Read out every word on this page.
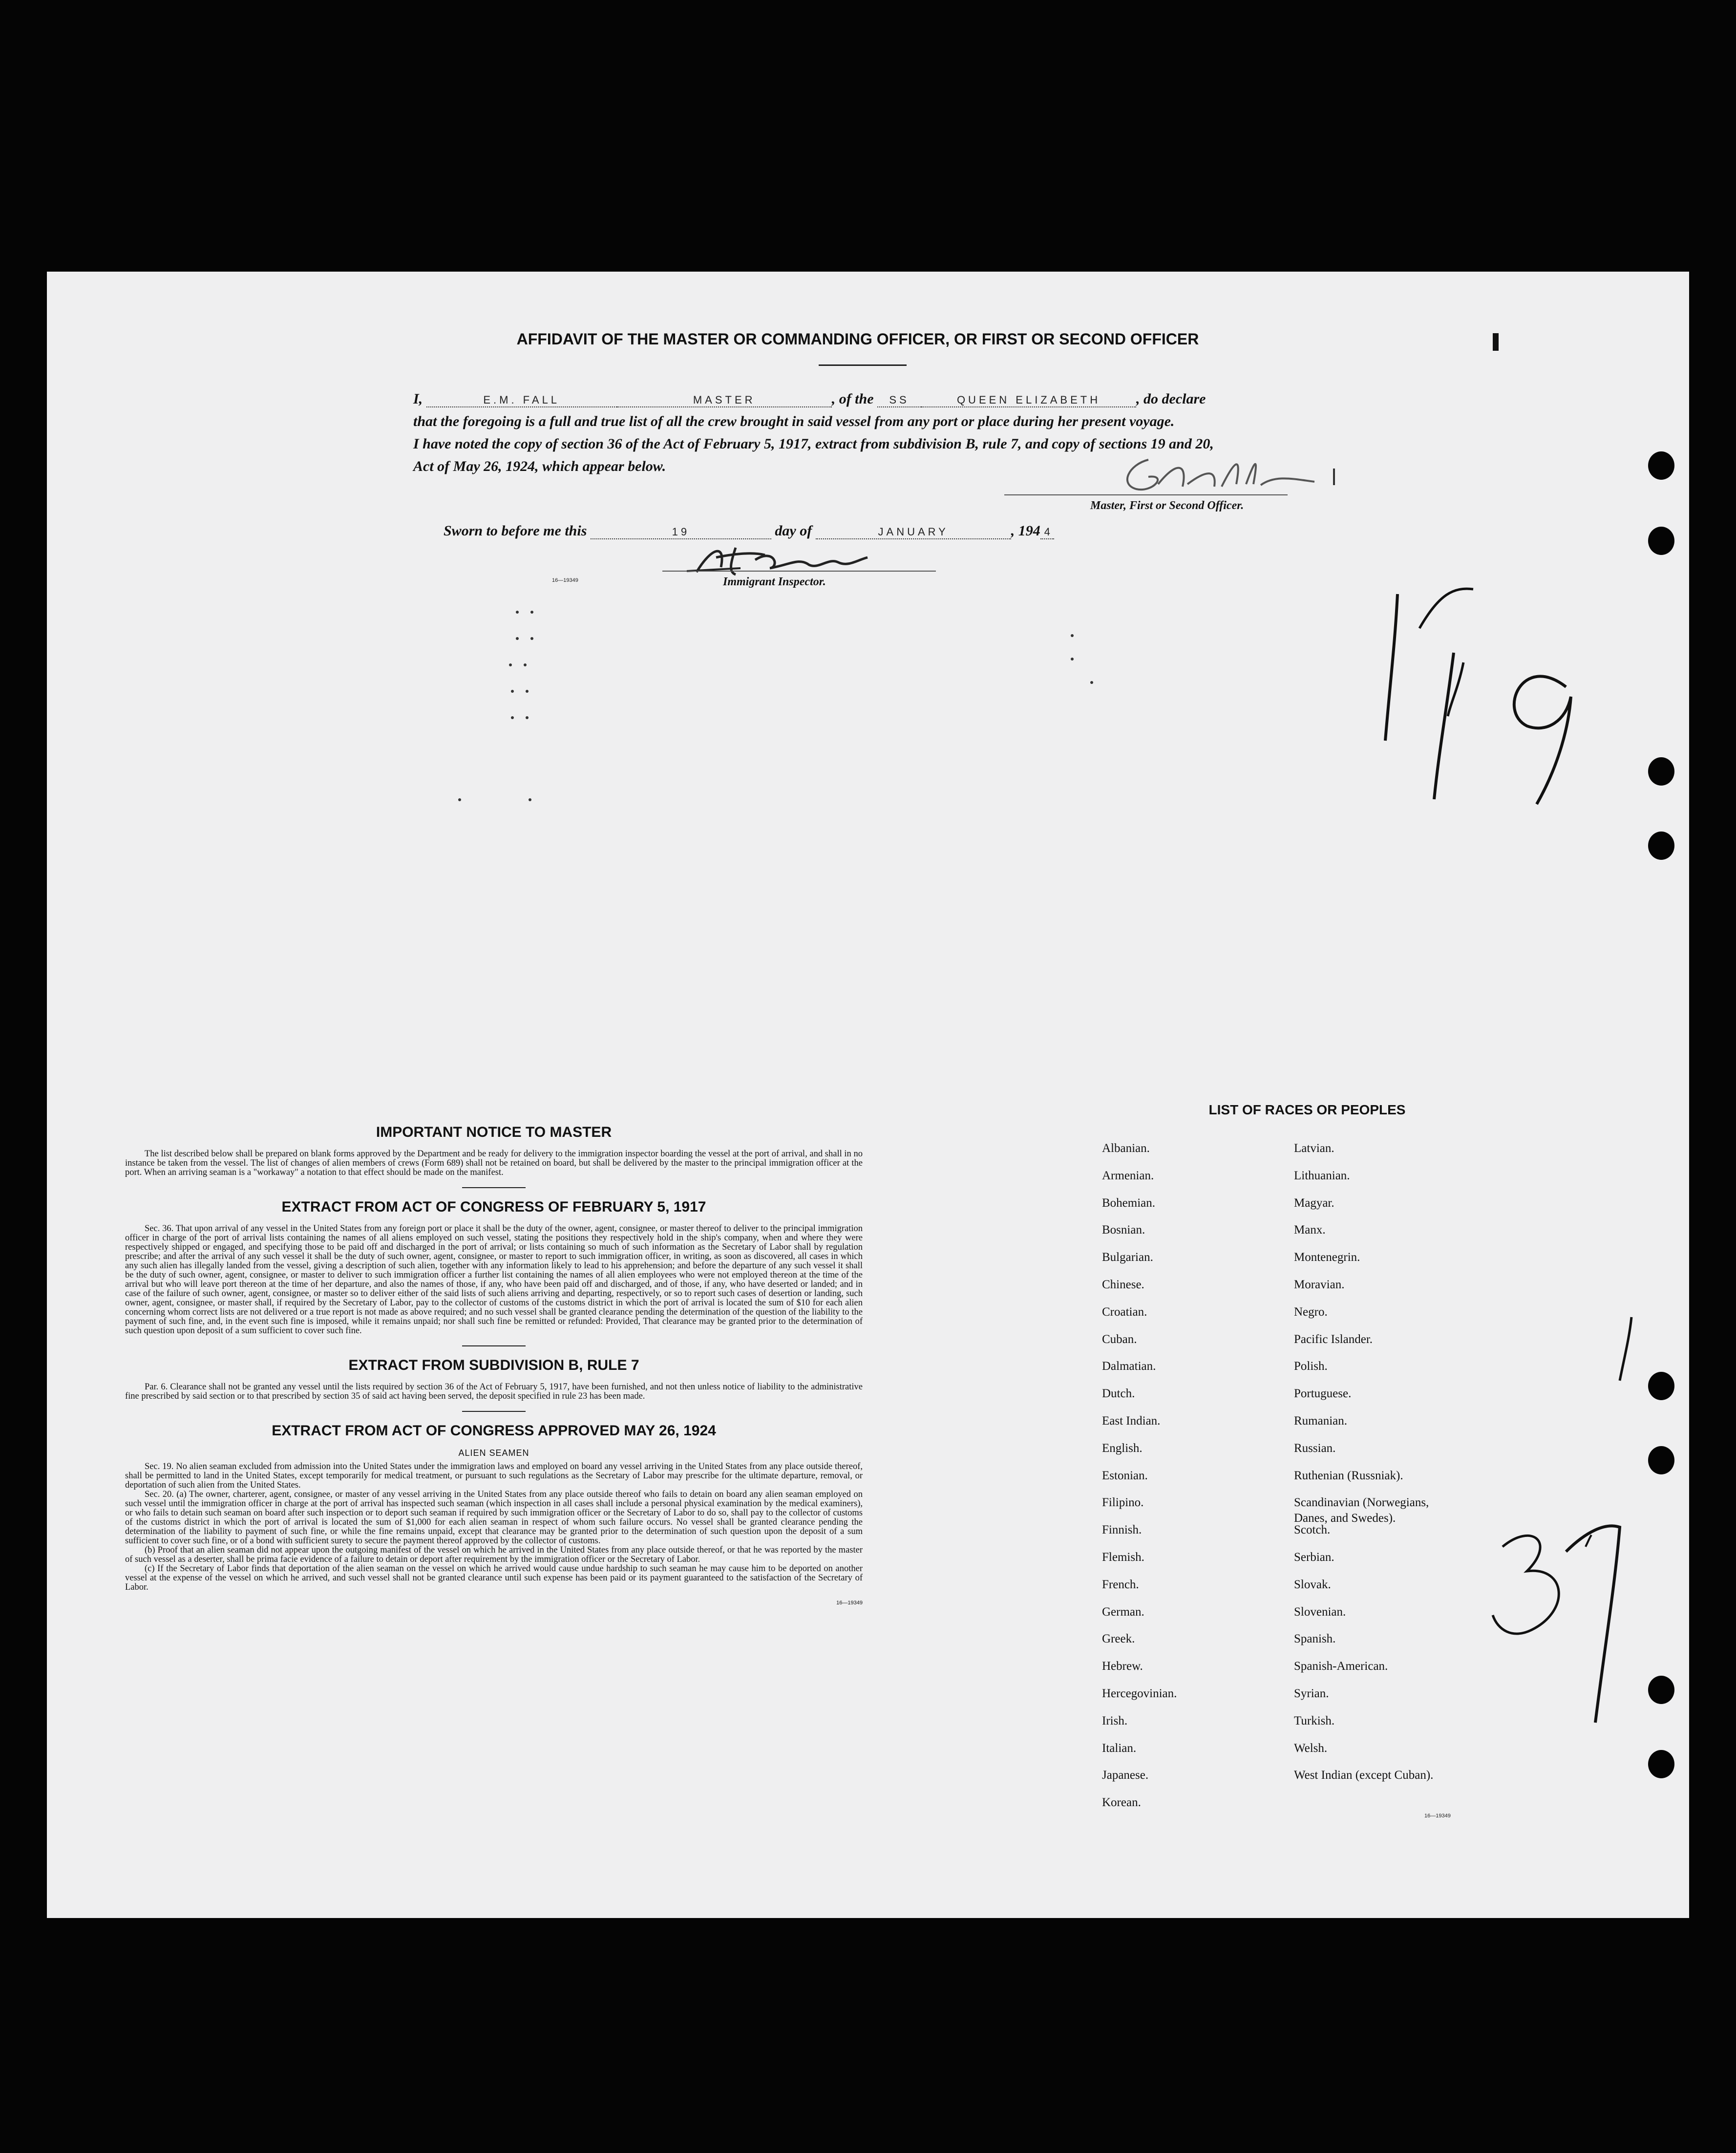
AFFIDAVIT OF THE MASTER OR COMMANDING OFFICER, OR FIRST OR SECOND OFFICER
I,	E.M. FALL	MASTER	, of the SS	QUEEN ELIZABETH , do declare
that the foregoing is a full and true list of all the crew brought in said vessel from any port or place during her present voyage.
I have noted the copy of section 36 of the Act of February 5, 1917, extract from subdivision B, rule 7, and copy of sections 19 and 20,
Act of May 26, 1924, which appear below.
Master, First or Second Officer.
Sworn to before me this	19	day of	JANUARY	, 194 4
Immigrant Inspector.
16—19349
IMPORTANT NOTICE TO MASTER

The list described below shall be prepared on blank forms approved by the Department and be ready for delivery to the immigration inspector boarding the vessel at the port of arrival, and shall in no instance be taken from the vessel. The list of changes of alien members of crews (Form 689) shall not be retained on board, but shall be delivered by the master to the principal immigration officer at the port. When an arriving seaman is a "workaway" a notation to that effect should be made on the manifest.

EXTRACT FROM ACT OF CONGRESS OF FEBRUARY 5, 1917

Sec. 36. That upon arrival of any vessel in the United States from any foreign port or place it shall be the duty of the owner, agent, consignee, or master thereof to deliver to the principal immigration officer in charge of the port of arrival lists containing the names of all aliens employed on such vessel, stating the positions they respectively hold in the ship's company, when and where they were respectively shipped or engaged, and specifying those to be paid off and discharged in the port of arrival; or lists containing so much of such information as the Secretary of Labor shall by regulation prescribe; and after the arrival of any such vessel it shall be the duty of such owner, agent, consignee, or master to report to such immigration officer, in writing, as soon as discovered, all cases in which any such alien has illegally landed from the vessel, giving a description of such alien, together with any information likely to lead to his apprehension; and before the departure of any such vessel it shall be the duty of such owner, agent, consignee, or master to deliver to such immigration officer a further list containing the names of all alien employees who were not employed thereon at the time of the arrival but who will leave port thereon at the time of her departure, and also the names of those, if any, who have been paid off and discharged, and of those, if any, who have deserted or landed; and in case of the failure of such owner, agent, consignee, or master so to deliver either of the said lists of such aliens arriving and departing, respectively, or so to report such cases of desertion or landing, such owner, agent, consignee, or master shall, if required by the Secretary of Labor, pay to the collector of customs of the customs district in which the port of arrival is located the sum of $10 for each alien concerning whom correct lists are not delivered or a true report is not made as above required; and no such vessel shall be granted clearance pending the determination of the question of the liability to the payment of such fine, and, in the event such fine is imposed, while it remains unpaid; nor shall such fine be remitted or refunded: Provided, That clearance may be granted prior to the determination of such question upon deposit of a sum sufficient to cover such fine.

EXTRACT FROM SUBDIVISION B, RULE 7

Par. 6. Clearance shall not be granted any vessel until the lists required by section 36 of the Act of February 5, 1917, have been furnished, and not then unless notice of liability to the administrative fine prescribed by said section or to that prescribed by section 35 of said act having been served, the deposit specified in rule 23 has been made.

EXTRACT FROM ACT OF CONGRESS APPROVED MAY 26, 1924
ALIEN SEAMEN

Sec. 19. No alien seaman excluded from admission into the United States under the immigration laws and employed on board any vessel arriving in the United States from any place outside thereof, shall be permitted to land in the United States, except temporarily for medical treatment, or pursuant to such regulations as the Secretary of Labor may prescribe for the ultimate departure, removal, or deportation of such alien from the United States.

Sec. 20. (a) The owner, charterer, agent, consignee, or master of any vessel arriving in the United States from any place outside thereof who fails to detain on board any alien seaman employed on such vessel until the immigration officer in charge at the port of arrival has inspected such seaman (which inspection in all cases shall include a personal physical examination by the medical examiners), or who fails to detain such seaman on board after such inspection or to deport such seaman if required by such immigration officer or the Secretary of Labor to do so, shall pay to the collector of customs of the customs district in which the port of arrival is located the sum of $1,000 for each alien seaman in respect of whom such failure occurs. No vessel shall be granted clearance pending the determination of the liability to payment of such fine, or while the fine remains unpaid, except that clearance may be granted prior to the determination of such question upon the deposit of a sum sufficient to cover such fine, or of a bond with sufficient surety to secure the payment thereof approved by the collector of customs.

(b) Proof that an alien seaman did not appear upon the outgoing manifest of the vessel on which he arrived in the United States from any place outside thereof, or that he was reported by the master of such vessel as a deserter, shall be prima facie evidence of a failure to detain or deport after requirement by the immigration officer or the Secretary of Labor.

(c) If the Secretary of Labor finds that deportation of the alien seaman on the vessel on which he arrived would cause undue hardship to such seaman he may cause him to be deported on another vessel at the expense of the vessel on which he arrived, and such vessel shall not be granted clearance until such expense has been paid or its payment guaranteed to the satisfaction of the Secretary of Labor.

16—19349
LIST OF RACES OR PEOPLES
Albanian.
Armenian.
Bohemian.
Bosnian.
Bulgarian.
Chinese.
Croatian.
Cuban.
Dalmatian.
Dutch.
East Indian.
English.
Estonian.
Filipino.
Finnish.
Flemish.
French.
German.
Greek.
Hebrew.
Hercegovinian.
Irish.
Italian.
Japanese.
Korean.
Latvian.
Lithuanian.
Magyar.
Manx.
Montenegrin.
Moravian.
Negro.
Pacific Islander.
Polish.
Portuguese.
Rumanian.
Russian.
Ruthenian (Russniak).
Scandinavian (Norwegians,
Danes, and Swedes).
Scotch.
Serbian.
Slovak.
Slovenian.
Spanish.
Spanish-American.
Syrian.
Turkish.
Welsh.
West Indian (except Cuban).
16—19349
